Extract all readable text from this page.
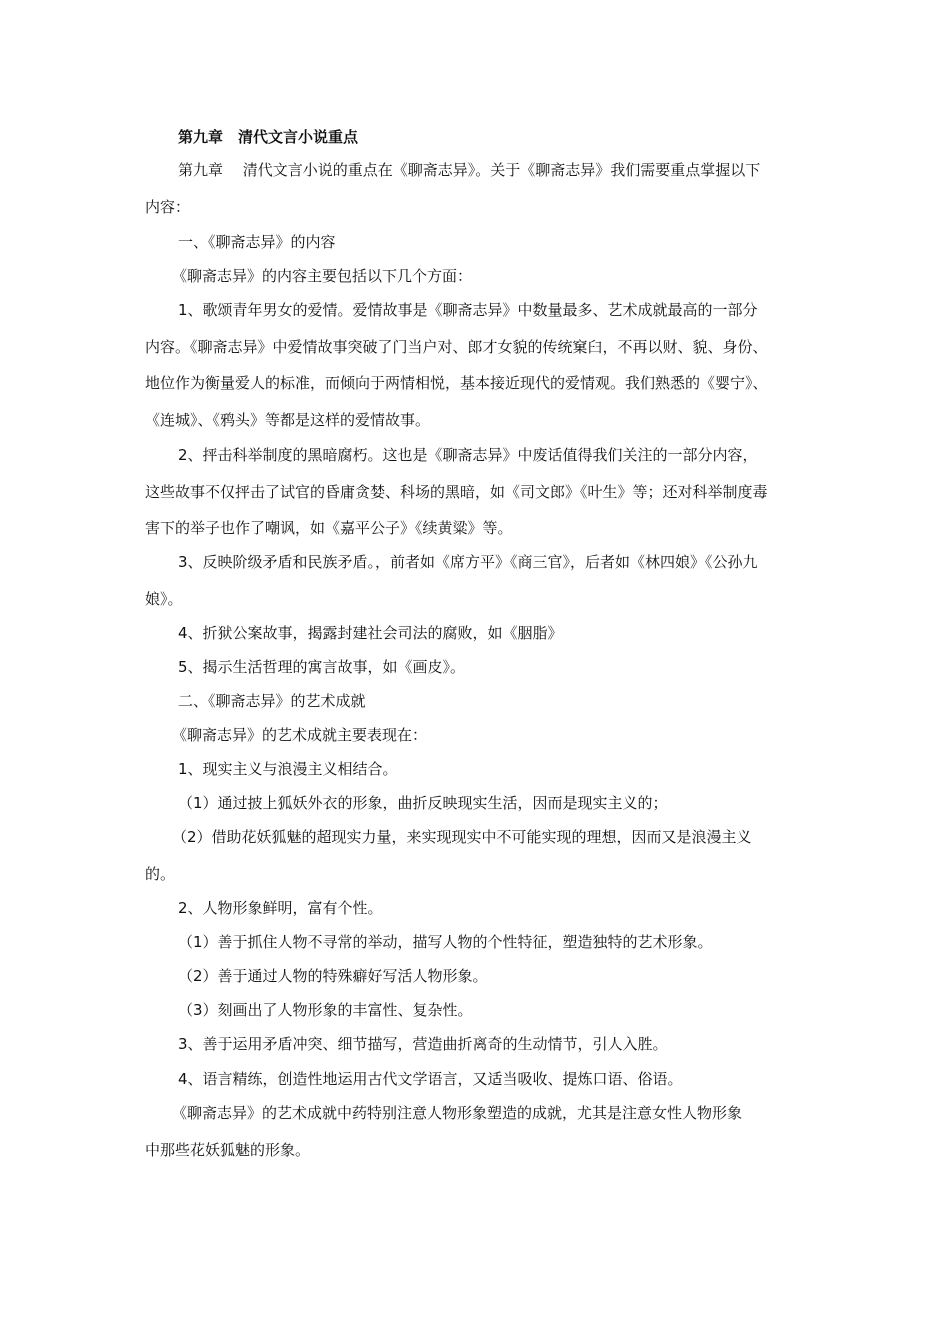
第九章　清代文言小说重点
第九章　 清代文言小说的重点在《聊斋志异》。关于《聊斋志异》我们需要重点掌握以下
内容：
一、《聊斋志异》的内容
《聊斋志异》的内容主要包括以下几个方面：
1、歌颂青年男女的爱情。爱情故事是《聊斋志异》中数量最多、艺术成就最高的一部分
内容。《聊斋志异》中爱情故事突破了门当户对、郎才女貌的传统窠臼，不再以财、貌、身份、
地位作为衡量爱人的标准，而倾向于两情相悦，基本接近现代的爱情观。我们熟悉的《婴宁》、
《连城》、《鸦头》等都是这样的爱情故事。
2、抨击科举制度的黑暗腐朽。这也是《聊斋志异》中废话值得我们关注的一部分内容，
这些故事不仅抨击了试官的昏庸贪婪、科场的黑暗，如《司文郎》《叶生》等；还对科举制度毒
害下的举子也作了嘲讽，如《嘉平公子》《续黄粱》等。
3、反映阶级矛盾和民族矛盾。，前者如《席方平》《商三官》，后者如《林四娘》《公孙九
娘》。
4、折狱公案故事，揭露封建社会司法的腐败，如《胭脂》
5、揭示生活哲理的寓言故事，如《画皮》。
二、《聊斋志异》的艺术成就
《聊斋志异》的艺术成就主要表现在：
1、现实主义与浪漫主义相结合。
（1）通过披上狐妖外衣的形象，曲折反映现实生活，因而是现实主义的；
（2）借助花妖狐魅的超现实力量，来实现现实中不可能实现的理想，因而又是浪漫主义
的。
2、人物形象鲜明，富有个性。
（1）善于抓住人物不寻常的举动，描写人物的个性特征，塑造独特的艺术形象。
（2）善于通过人物的特殊癖好写活人物形象。
（3）刻画出了人物形象的丰富性、复杂性。
3、善于运用矛盾冲突、细节描写，营造曲折离奇的生动情节，引人入胜。
4、语言精练，创造性地运用古代文学语言，又适当吸收、提炼口语、俗语。
《聊斋志异》的艺术成就中药特别注意人物形象塑造的成就，尤其是注意女性人物形象
中那些花妖狐魅的形象。
